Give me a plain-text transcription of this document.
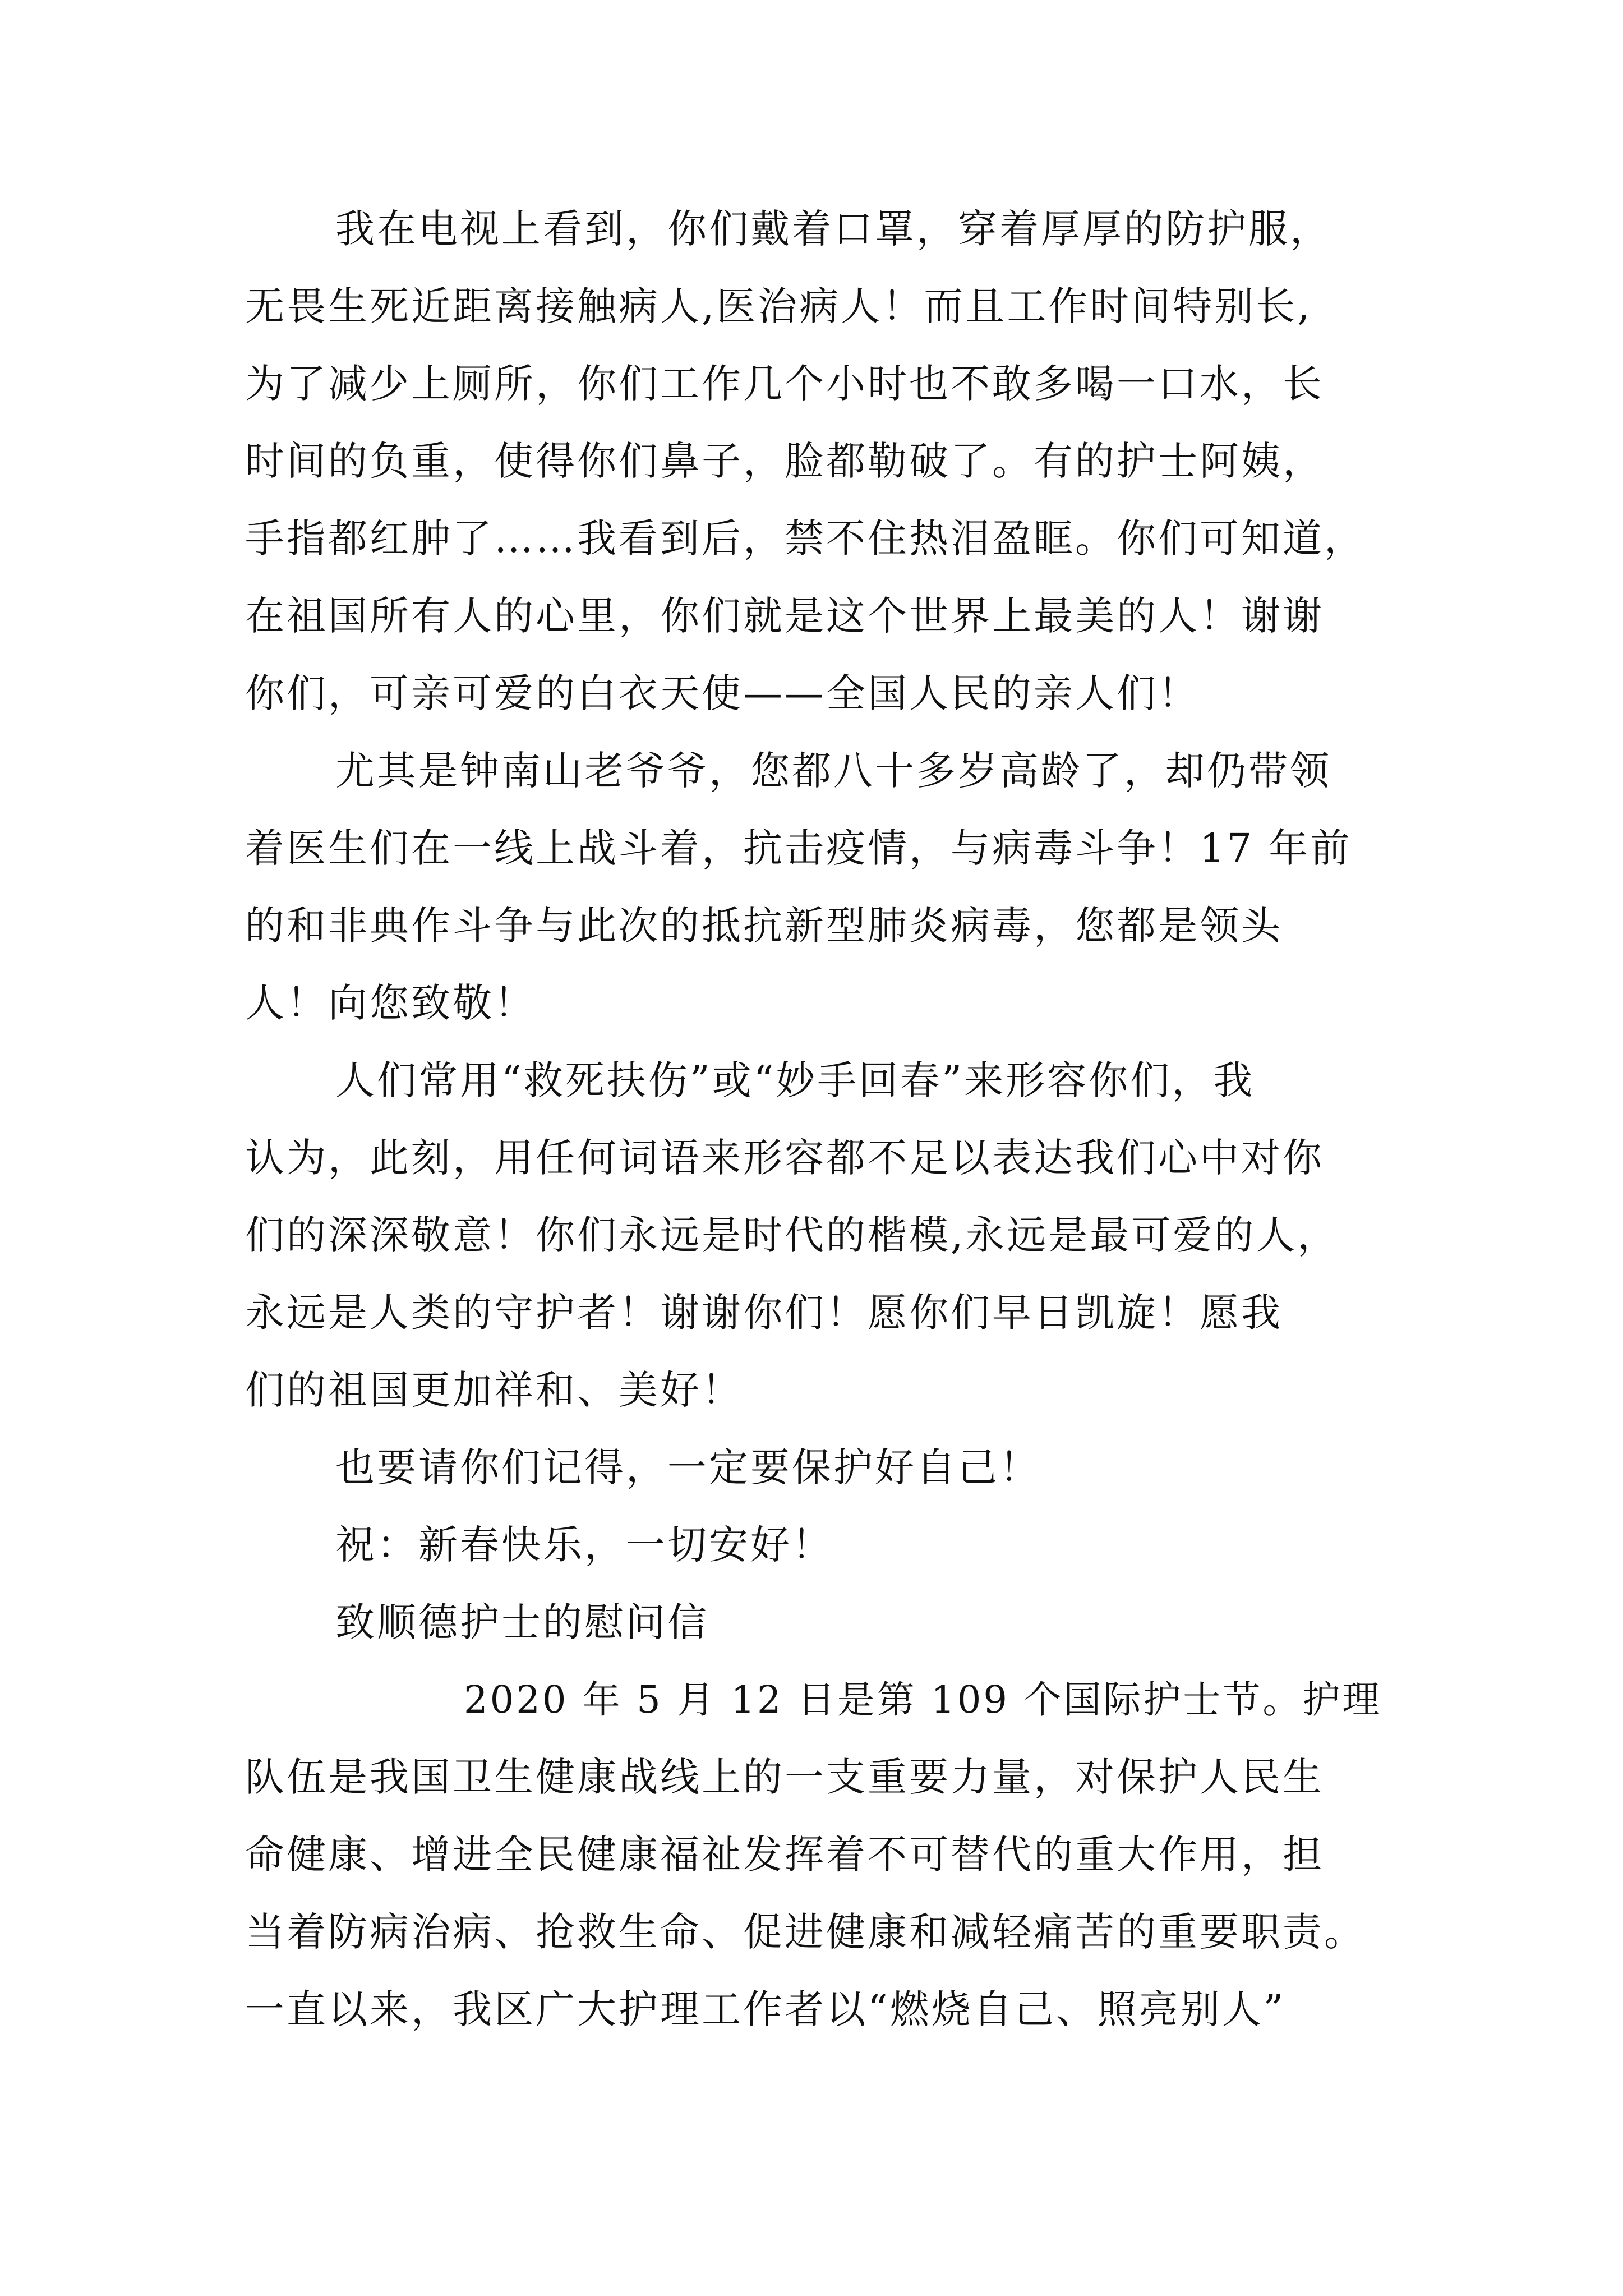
我在电视上看到，你们戴着口罩，穿着厚厚的防护服，
无畏生死近距离接触病人,医治病人！而且工作时间特别长,
为了减少上厕所，你们工作几个小时也不敢多喝一口水，长
时间的负重，使得你们鼻子，脸都勒破了。有的护士阿姨，
手指都红肿了……我看到后，禁不住热泪盈眶。你们可知道，
在祖国所有人的心里，你们就是这个世界上最美的人！谢谢
你们，可亲可爱的白衣天使——全国人民的亲人们！
尤其是钟南山老爷爷，您都八十多岁高龄了，却仍带领
着医生们在一线上战斗着，抗击疫情，与病毒斗争！17 年前
的和非典作斗争与此次的抵抗新型肺炎病毒，您都是领头
人！向您致敬！
人们常用“救死扶伤”或“妙手回春”来形容你们，我
认为，此刻，用任何词语来形容都不足以表达我们心中对你
们的深深敬意！你们永远是时代的楷模,永远是最可爱的人，
永远是人类的守护者！谢谢你们！愿你们早日凯旋！愿我
们的祖国更加祥和、美好！
也要请你们记得，一定要保护好自己！
祝：新春快乐，一切安好！
致顺德护士的慰问信
2020 年 5 月 12 日是第 109 个国际护士节。护理
队伍是我国卫生健康战线上的一支重要力量，对保护人民生
命健康、增进全民健康福祉发挥着不可替代的重大作用，担
当着防病治病、抢救生命、促进健康和减轻痛苦的重要职责。
一直以来，我区广大护理工作者以“燃烧自己、照亮别人”
